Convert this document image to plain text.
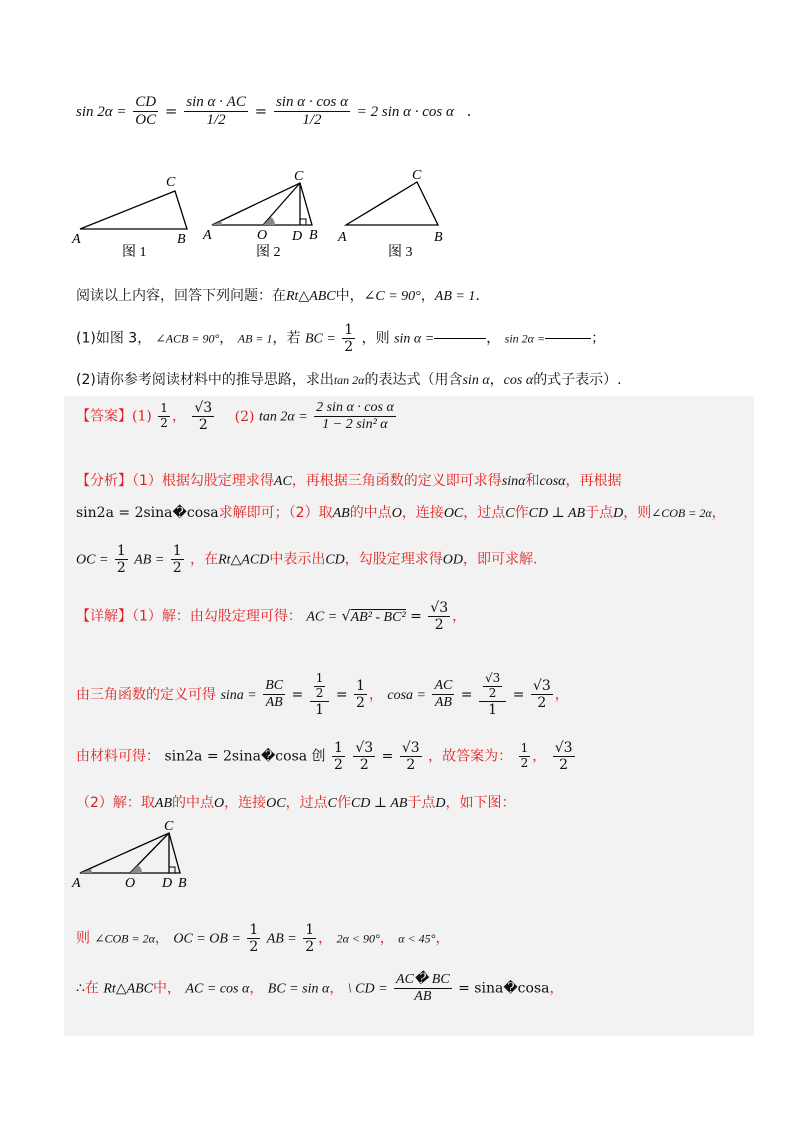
$\sin 2\alpha = \frac{CD}{OC} = \frac{\text{sin α · AC}}{1/2} = \frac{\text{sin α · cos α}}{1/2} = 2$ sin α · cos α .
A	B
C
图 1
A	O D B
C
图 2
A	B
C
图 3
阅读以上内容，回答下列问题：在Rt△ABC中，∠C = 90°，AB = 1.
(1)如图 3， ∠ACB = 90°， AB = 1，若 BC = $\frac{1}{2}$ ，则 sin α =	， sin 2α =	；
(2)请你参考阅读材料中的推导思路，求出tan 2α的表达式（用含sin α，cos α的式子表示）.
【答案】$(1) \frac{1}{2}$ ， $\frac{√3}{2} (2)$ $\tan 2\alpha = \frac{\text{2 sin α · cos α}}{\text{1 − 2 sin² α}}$
【分析】（1）根据勾股定理求得AC，再根据三角函数的定义即可求得sinα和cosα，再根据
sin2a = 2sina�cosa求解即可；（2）取AB的中点O，连接OC，过点C作CD ⊥ AB于点D，则∠COB = 2α，
OC = $\frac{1}{2}$ AB = $\frac{1}{2}$ ，在Rt△ACD中表示出CD，勾股定理求得OD，即可求解.
【详解】（1）解：由勾股定理可得： AC = $√AB^2 - BC^2 = \frac{√3}{2}$ ，
由三角函数的定义可得 $\sin a = \frac{BC}{AB} = \frac{\frac{1}{2}}{1} = \frac{1}{2}$ ， $\cos a = \frac{AC}{AB} = \frac{\frac{√3}{2}}{1} = \frac{√3}{2}$ ，
由材料可得： sin2a = 2sina�cosa 创 $\frac{1}{2}$
$\frac{√3}{2} = \frac{√3}{2}$ ，故答案为： $\frac{1}{2}$ ， $\frac{√3}{2}$
（2）解：取AB的中点O，连接OC，过点C作CD ⊥ AB于点D，如下图：
A	O D B
C
则 ∠COB = 2α， OC = OB = $\frac{1}{2}$ AB = $\frac{1}{2}$ ， 2α < 90°， α < 45°，
∴在 Rt△ABC中， AC = cos α， BC = sin α， \ CD = $\frac{AC� BC}{AB}$ = sina�cosa，
